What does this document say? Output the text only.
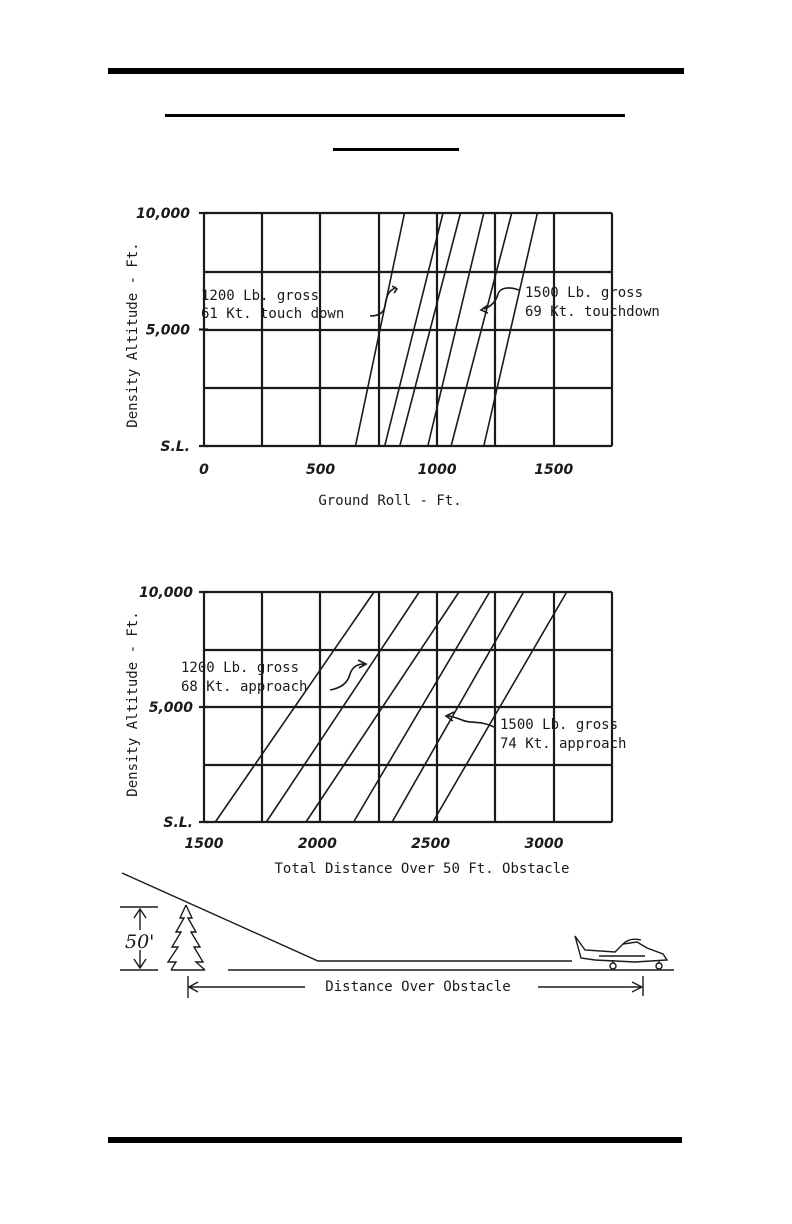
0	500	1000	1500
S.L.
5,000
10,000
Ground Roll - Ft.
Density Altitude - Ft.	1200 Lb. gross
61 Kt. touch down
1500 Lb. gross
69 Kt. touchdown
1500	2000	2500	3000
S.L.
5,000
10,000
Total Distance Over 50 Ft. Obstacle
Density Altitude - Ft.	1200 Lb. gross
68 Kt. approach
1500 Lb. gross
74 Kt. approach
50'
Distance Over Obstacle
